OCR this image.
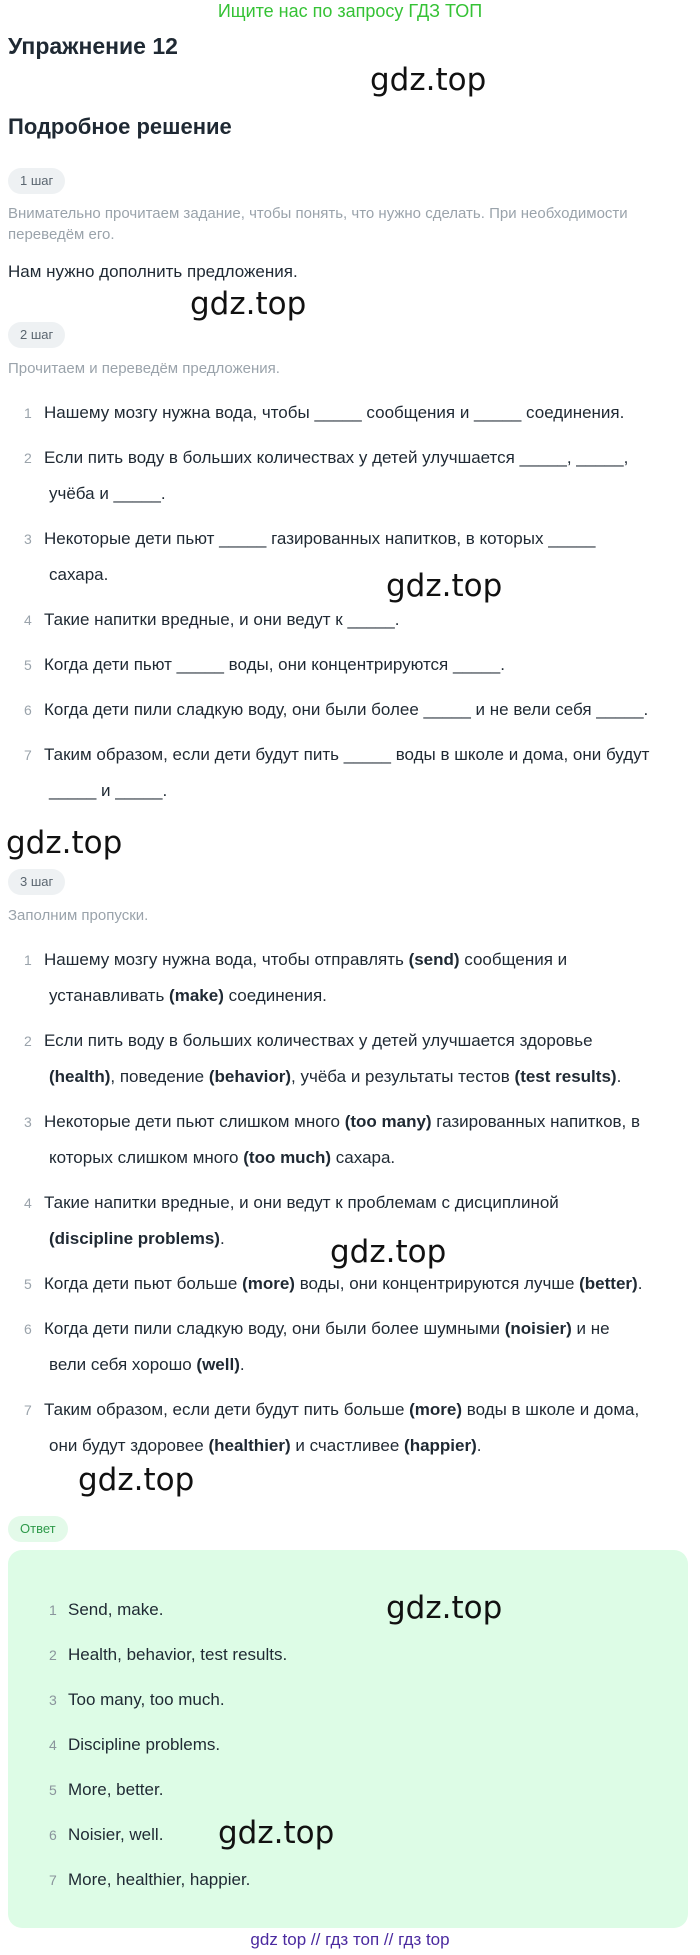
Ищите нас по запросу ГДЗ ТОП
Упражнение 12
gdz.top
Подробное решение
1 шаг
Внимательно прочитаем задание, чтобы понять, что нужно сделать. При необходимости переведём его.
Нам нужно дополнить предложения.
gdz.top
2 шаг
Прочитаем и переведём предложения.
1 Нашему мозгу нужна вода, чтобы _____ сообщения и _____ соединения.
2 Если пить воду в больших количествах у детей улучшается _____, _____,
учёба и _____.
3 Некоторые дети пьют _____ газированных напитков, в которых _____
сахара.
4 Такие напитки вредные, и они ведут к _____.
5 Когда дети пьют _____ воды, они концентрируются _____.
6 Когда дети пили сладкую воду, они были более _____ и не вели себя _____.
7 Таким образом, если дети будут пить _____ воды в школе и дома, они будут
_____ и _____.
gdz.top
gdz.top
3 шаг
Заполним пропуски.
1 Нашему мозгу нужна вода, чтобы отправлять (send) сообщения и
устанавливать (make) соединения.
2 Если пить воду в больших количествах у детей улучшается здоровье
(health), поведение (behavior), учёба и результаты тестов (test results).
3 Некоторые дети пьют слишком много (too many) газированных напитков, в
которых слишком много (too much) сахара.
4 Такие напитки вредные, и они ведут к проблемам с дисциплиной
(discipline problems).
5 Когда дети пьют больше (more) воды, они концентрируются лучше (better).
6 Когда дети пили сладкую воду, они были более шумными (noisier) и не
вели себя хорошо (well).
7 Таким образом, если дети будут пить больше (more) воды в школе и дома,
они будут здоровее (healthier) и счастливее (happier).
gdz.top
gdz.top
Ответ
1 Send, make.
2 Health, behavior, test results.
3 Too many, too much.
4 Discipline problems.
5 More, better.
6 Noisier, well.
7 More, healthier, happier.
gdz.top
gdz.top
gdz top // гдз топ // гдз top
